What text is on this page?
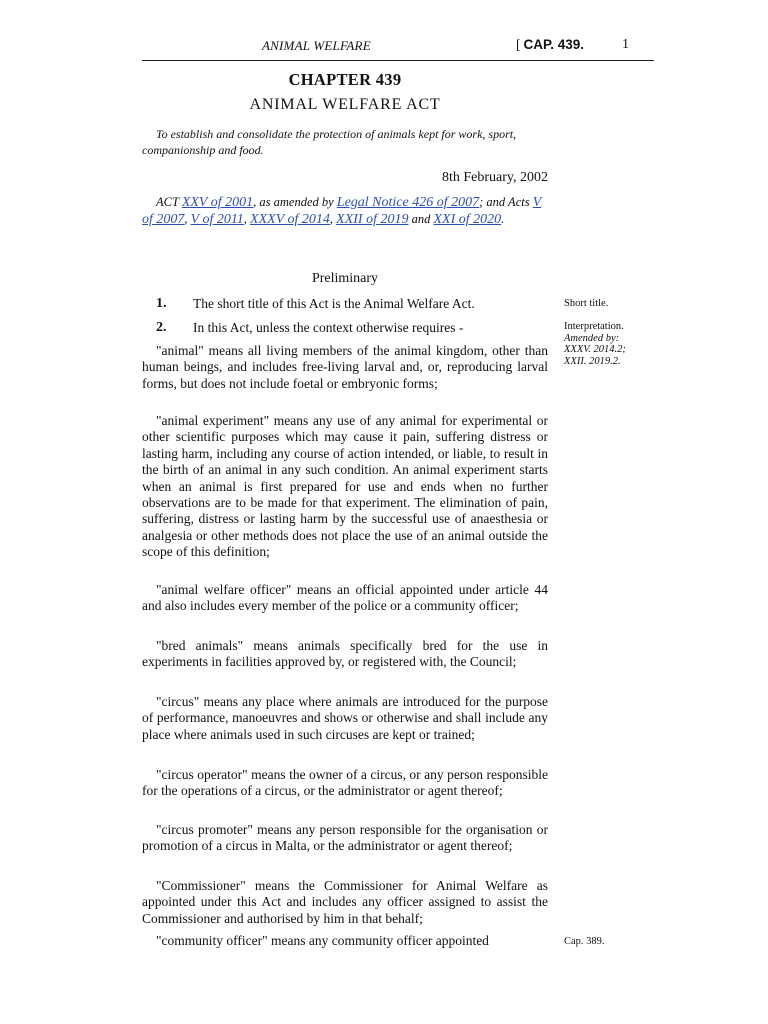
ANIMAL WELFARE	[ CAP. 439.	1
CHAPTER 439
ANIMAL WELFARE ACT
To establish and consolidate the protection of animals kept for work, sport, companionship and food.
8th February, 2002
ACT XXV of 2001, as amended by Legal Notice 426 of 2007; and Acts V of 2007, V of 2011, XXXV of 2014, XXII of 2019 and XXI of 2020.
Preliminary
1. The short title of this Act is the Animal Welfare Act.
2. In this Act, unless the context otherwise requires -
"animal" means all living members of the animal kingdom, other than human beings, and includes free-living larval and, or, reproducing larval forms, but does not include foetal or embryonic forms;
"animal experiment" means any use of any animal for experimental or other scientific purposes which may cause it pain, suffering distress or lasting harm, including any course of action intended, or liable, to result in the birth of an animal in any such condition. An animal experiment starts when an animal is first prepared for use and ends when no further observations are to be made for that experiment. The elimination of pain, suffering, distress or lasting harm by the successful use of anaesthesia or analgesia or other methods does not place the use of an animal outside the scope of this definition;
"animal welfare officer" means an official appointed under article 44 and also includes every member of the police or a community officer;
"bred animals" means animals specifically bred for the use in experiments in facilities approved by, or registered with, the Council;
"circus" means any place where animals are introduced for the purpose of performance, manoeuvres and shows or otherwise and shall include any place where animals used in such circuses are kept or trained;
"circus operator" means the owner of a circus, or any person responsible for the operations of a circus, or the administrator or agent thereof;
"circus promoter" means any person responsible for the organisation or promotion of a circus in Malta, or the administrator or agent thereof;
"Commissioner" means the Commissioner for Animal Welfare as appointed under this Act and includes any officer assigned to assist the Commissioner and authorised by him in that behalf;
"community officer" means any community officer appointed
Short title.
Interpretation.
Amended by:
XXXV. 2014.2;
XXII. 2019.2.
Cap. 389.
